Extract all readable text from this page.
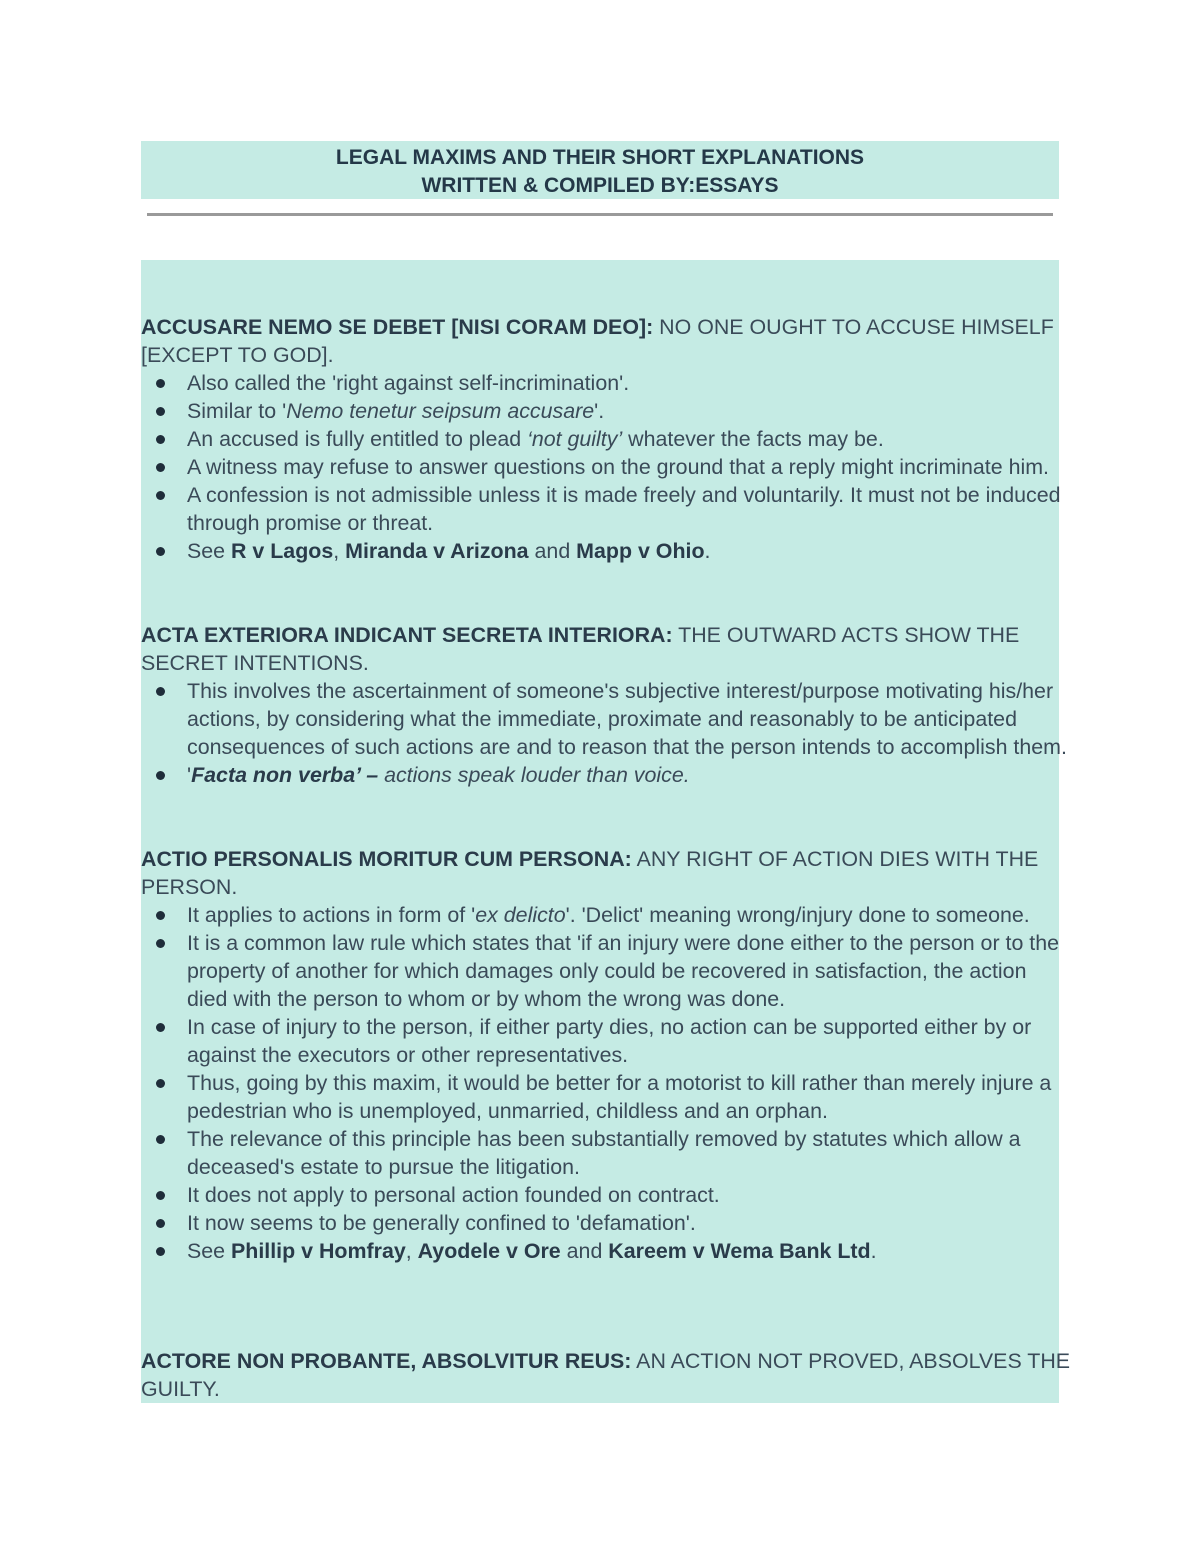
LEGAL MAXIMS AND THEIR SHORT EXPLANATIONS

WRITTEN & COMPILED BY:ESSAYS

ACCUSARE NEMO SE DEBET [NISI CORAM DEO]: NO ONE OUGHT TO ACCUSE HIMSELF [EXCEPT TO GOD].

Also called the 'right against self-incrimination'.
Similar to 'Nemo tenetur seipsum accusare'.
An accused is fully entitled to plead ‘not guilty’ whatever the facts may be.
A witness may refuse to answer questions on the ground that a reply might incriminate him.
A confession is not admissible unless it is made freely and voluntarily. It must not be induced through promise or threat.
See R v Lagos, Miranda v Arizona and Mapp v Ohio.

ACTA EXTERIORA INDICANT SECRETA INTERIORA: THE OUTWARD ACTS SHOW THE SECRET INTENTIONS.

This involves the ascertainment of someone's subjective interest/purpose motivating his/her actions, by considering what the immediate, proximate and reasonably to be anticipated consequences of such actions are and to reason that the person intends to accomplish them.
'Facta non verba’ – actions speak louder than voice.

ACTIO PERSONALIS MORITUR CUM PERSONA: ANY RIGHT OF ACTION DIES WITH THE PERSON.

It applies to actions in form of 'ex delicto'. 'Delict' meaning wrong/injury done to someone.
It is a common law rule which states that 'if an injury were done either to the person or to the property of another for which damages only could be recovered in satisfaction, the action died with the person to whom or by whom the wrong was done.
In case of injury to the person, if either party dies, no action can be supported either by or against the executors or other representatives.
Thus, going by this maxim, it would be better for a motorist to kill rather than merely injure a pedestrian who is unemployed, unmarried, childless and an orphan.
The relevance of this principle has been substantially removed by statutes which allow a deceased's estate to pursue the litigation.
It does not apply to personal action founded on contract.
It now seems to be generally confined to 'defamation'.
See Phillip v Homfray, Ayodele v Ore and Kareem v Wema Bank Ltd.

ACTORE NON PROBANTE, ABSOLVITUR REUS: AN ACTION NOT PROVED, ABSOLVES THE GUILTY.
